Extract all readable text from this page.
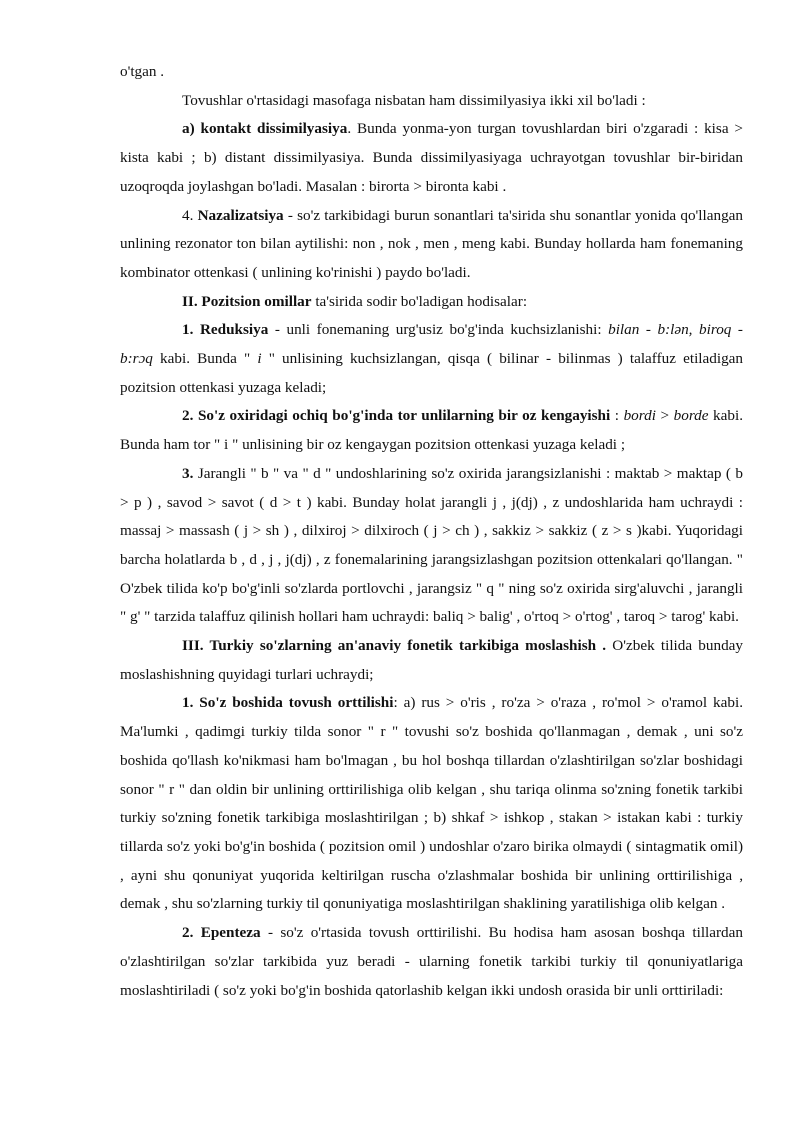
o'tgan .

Tovushlar o'rtasidagi masofaga nisbatan ham dissimilyasiya ikki xil bo'ladi :

a) kontakt dissimilyasiya. Bunda yonma-yon turgan tovushlardan biri o'zgaradi : kisa > kista kabi ; b) distant dissimilyasiya. Bunda dissimilyasiyaga uchrayotgan tovushlar bir-biridan uzoqroqda joylashgan bo'ladi. Masalan : birorta > bironta kabi .

4. Nazalizatsiya - so'z tarkibidagi burun sonantlari ta'sirida shu sonantlar yonida qo'llangan unlining rezonator ton bilan aytilishi: non , nok , men , meng kabi. Bunday hollarda ham fonemaning kombinator ottenkasi ( unlining ko'rinishi ) paydo bo'ladi.

II. Pozitsion omillar ta'sirida sodir bo'ladigan hodisalar:

1. Reduksiya - unli fonemaning urg'usiz bo'g'inda kuchsizlanishi: bilan - b:lən, biroq - b:rɔq kabi. Bunda " i " unlisining kuchsizlangan, qisqa ( bilinar - bilinmas ) talaffuz etiladigan pozitsion ottenkasi yuzaga keladi;

2. So'z oxiridagi ochiq bo'g'inda tor unlilarning bir oz kengayishi : bordi > borde kabi. Bunda ham tor " i " unlisining bir oz kengaygan pozitsion ottenkasi yuzaga keladi ;

3. Jarangli " b " va " d " undoshlarining so'z oxirida jarangsizlanishi : maktab > maktap ( b > p ) , savod > savot ( d > t ) kabi. Bunday holat jarangli j , j(dj) , z undoshlarida ham uchraydi : massaj > massash ( j > sh ) , dilxiroj > dilxiroch ( j > ch ) , sakkiz > sakkiz ( z > s )kabi. Yuqoridagi barcha holatlarda b , d , j , j(dj) , z fonemalarining jarangsizlashgan pozitsion ottenkalari qo'llangan. " O'zbek tilida ko'p bo'g'inli so'zlarda portlovchi , jarangsiz " q " ning so'z oxirida sirg'aluvchi , jarangli " g' " tarzida talaffuz qilinish hollari ham uchraydi: baliq > balig' , o'rtoq > o'rtog' , taroq > tarog' kabi.

III. Turkiy so'zlarning an'anaviy fonetik tarkibiga moslashish . O'zbek tilida bunday moslashishning quyidagi turlari uchraydi;

1. So'z boshida tovush orttilishi: a) rus > o'ris , ro'za > o'raza , ro'mol > o'ramol kabi. Ma'lumki , qadimgi turkiy tilda sonor " r " tovushi so'z boshida qo'llanmagan , demak , uni so'z boshida qo'llash ko'nikmasi ham bo'lmagan , bu hol boshqa tillardan o'zlashtirilgan so'zlar boshidagi sonor " r " dan oldin bir unlining orttirilishiga olib kelgan , shu tariqa olinma so'zning fonetik tarkibi turkiy so'zning fonetik tarkibiga moslashtirilgan ; b) shkaf > ishkop , stakan > istakan kabi : turkiy tillarda so'z yoki bo'g'in boshida ( pozitsion omil ) undoshlar o'zaro birika olmaydi ( sintagmatik omil) , ayni shu qonuniyat yuqorida keltirilgan ruscha o'zlashmalar boshida bir unlining orttirilishiga , demak , shu so'zlarning turkiy til qonuniyatiga moslashtirilgan shaklining yaratilishiga olib kelgan .

2. Epenteza - so'z o'rtasida tovush orttirilishi. Bu hodisa ham asosan boshqa tillardan o'zlashtirilgan so'zlar tarkibida yuz beradi - ularning fonetik tarkibi turkiy til qonuniyatlariga moslashtiriladi ( so'z yoki bo'g'in boshida qatorlashib kelgan ikki undosh orasida bir unli orttiriladi:
